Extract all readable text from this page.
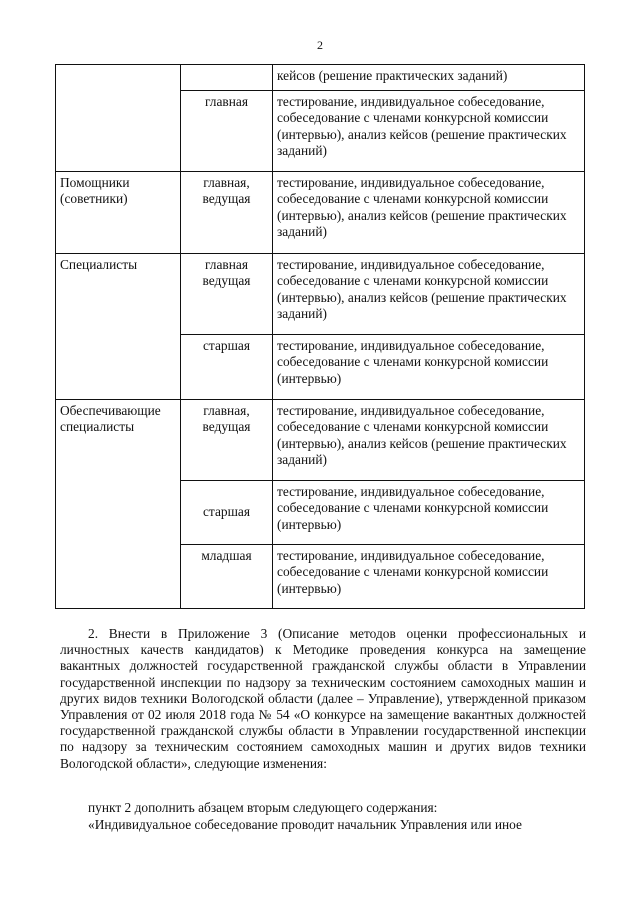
2
		кейсов (решение практических заданий)
	главная	тестирование, индивидуальное собеседование, собеседование с членами конкурсной комиссии (интервью), анализ кейсов (решение практических заданий)
Помощники (советники)	главная, ведущая	тестирование, индивидуальное собеседование, собеседование с членами конкурсной комиссии (интервью), анализ кейсов (решение практических заданий)
Специалисты	главная ведущая	тестирование, индивидуальное собеседование, собеседование с членами конкурсной комиссии (интервью), анализ кейсов (решение практических заданий)
	старшая	тестирование, индивидуальное собеседование, собеседование с членами конкурсной комиссии (интервью)
Обеспечивающие специалисты	главная, ведущая	тестирование, индивидуальное собеседование, собеседование с членами конкурсной комиссии (интервью), анализ кейсов (решение практических заданий)
	старшая	тестирование, индивидуальное собеседование, собеседование с членами конкурсной комиссии (интервью)
	младшая	тестирование, индивидуальное собеседование, собеседование с членами конкурсной комиссии (интервью)
2. Внести в Приложение 3 (Описание методов оценки профессиональных и личностных качеств кандидатов) к Методике проведения конкурса на замещение вакантных должностей государственной гражданской службы области в Управлении государственной инспекции по надзору за техническим состоянием самоходных машин и других видов техники Вологодской области (далее – Управление), утвержденной приказом Управления от 02 июля 2018 года № 54 «О конкурсе на замещение вакантных должностей государственной гражданской службы области в Управлении государственной инспекции по надзору за техническим состоянием самоходных машин и других видов техники Вологодской области», следующие изменения:
пункт 2 дополнить абзацем вторым следующего содержания:
«Индивидуальное собеседование проводит начальник Управления или иное
